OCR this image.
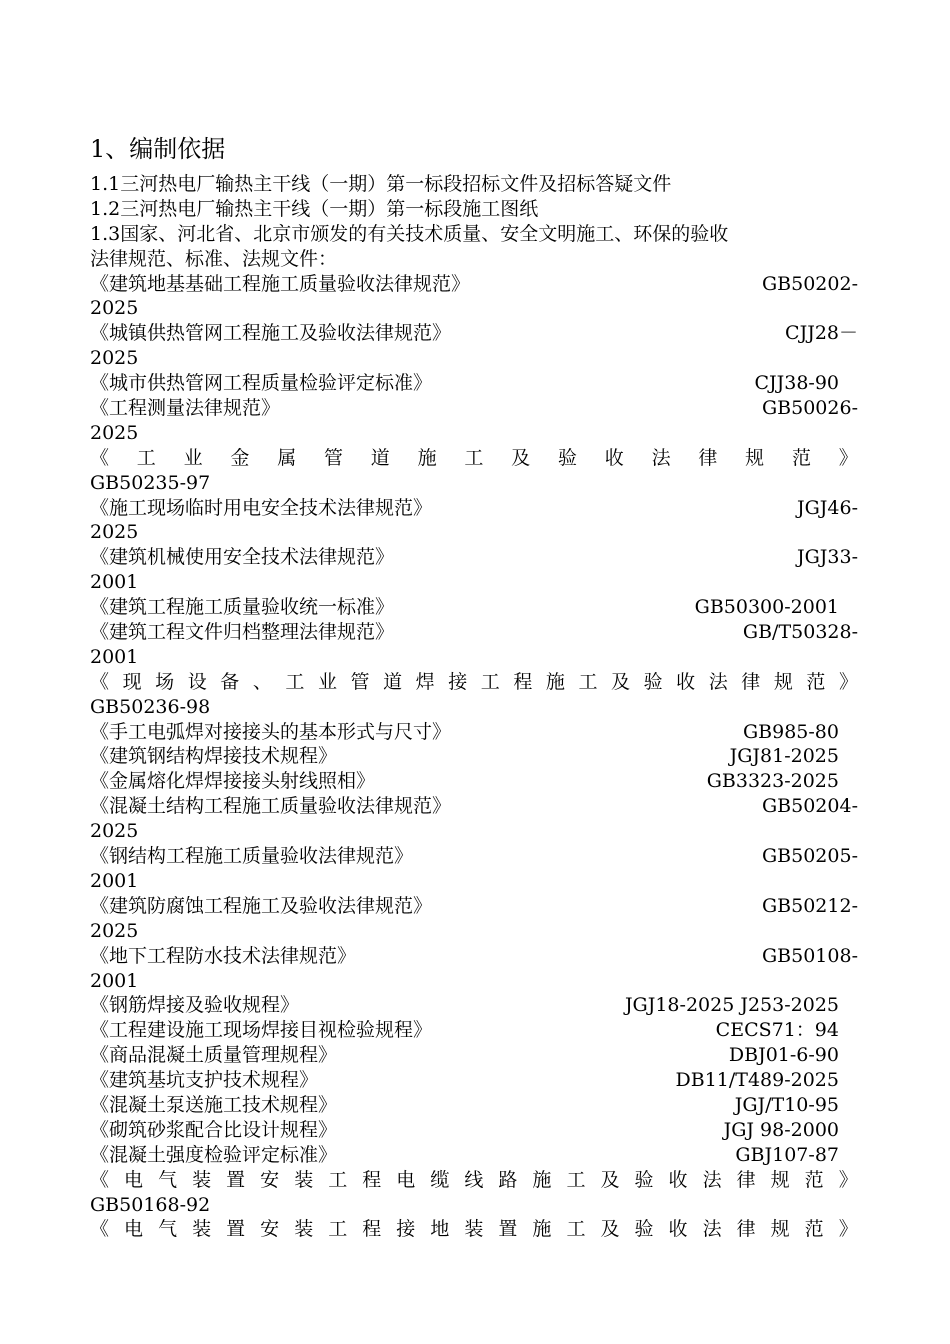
1、编制依据
1.1三河热电厂输热主干线（一期）第一标段招标文件及招标答疑文件
1.2三河热电厂输热主干线（一期）第一标段施工图纸
1.3国家、河北省、北京市颁发的有关技术质量、安全文明施工、环保的验收
法律规范、标准、法规文件：
《建筑地基基础工程施工质量验收法律规范》	GB50202-
2025
《城镇供热管网工程施工及验收法律规范》	CJJ28－
2025
《城市供热管网工程质量检验评定标准》	CJJ38-90
《工程测量法律规范》	GB50026-
2025
《 工 业 金 属 管 道 施 工 及 验 收 法 律 规 范 》
GB50235-97
《施工现场临时用电安全技术法律规范》	JGJ46-
2025
《建筑机械使用安全技术法律规范》	JGJ33-
2001
《建筑工程施工质量验收统一标准》	GB50300-2001
《建筑工程文件归档整理法律规范》	GB/T50328-
2001
《 现 场 设 备 、 工 业 管 道 焊 接 工 程 施 工 及 验 收 法 律 规 范 》
GB50236-98
《手工电弧焊对接接头的基本形式与尺寸》	GB985-80
《建筑钢结构焊接技术规程》	JGJ81-2025
《金属熔化焊焊接接头射线照相》	GB3323-2025
《混凝土结构工程施工质量验收法律规范》	GB50204-
2025
《钢结构工程施工质量验收法律规范》	GB50205-
2001
《建筑防腐蚀工程施工及验收法律规范》	GB50212-
2025
《地下工程防水技术法律规范》	GB50108-
2001
《钢筋焊接及验收规程》	JGJ18-2025 J253-2025
《工程建设施工现场焊接目视检验规程》	CECS71：94
《商品混凝土质量管理规程》	DBJ01-6-90
《建筑基坑支护技术规程》	DB11/T489-2025
《混凝土泵送施工技术规程》	JGJ/T10-95
《砌筑砂浆配合比设计规程》	JGJ 98-2000
《混凝土强度检验评定标准》	GBJ107-87
《 电 气 装 置 安 装 工 程 电 缆 线 路 施 工 及 验 收 法 律 规 范 》
GB50168-92
《 电 气 装 置 安 装 工 程 接 地 装 置 施 工 及 验 收 法 律 规 范 》
